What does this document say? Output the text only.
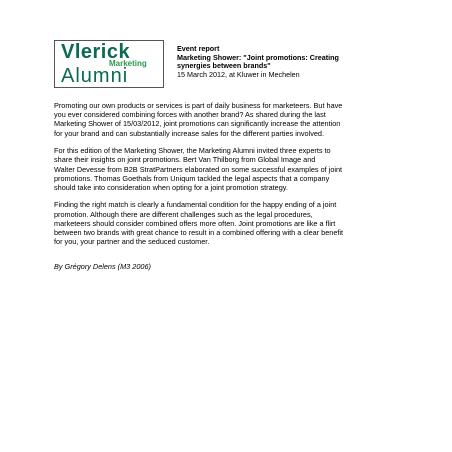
Vlerick
Marketing
Alumni
Event report
Marketing Shower: "Joint promotions: Creating
synergies between brands"
15 March 2012, at Kluwer in Mechelen

Promoting our own products or services is part of daily business for marketeers. But have
you ever considered combining forces with another brand? As shared during the last
Marketing Shower of 15/03/2012, joint promotions can significantly increase the attention
for your brand and can substantially increase sales for the different parties involved.

For this edition of the Marketing Shower, the Marketing Alumni invited three experts to
share their insights on joint promotions. Bert Van Thilborg from Global Image and
Walter Devesse from B2B StratPartners elaborated on some successful examples of joint
promotions. Thomas Goethals from Uniqum tackled the legal aspects that a company
should take into consideration when opting for a joint promotion strategy.

Finding the right match is clearly a fundamental condition for the happy ending of a joint
promotion. Although there are different challenges such as the legal procedures,
marketeers should consider combined offers more often. Joint promotions are like a flirt
between two brands with great chance to result in a combined offering with a clear benefit
for you, your partner and the seduced customer.

By Grégory Delens (M3 2006)
